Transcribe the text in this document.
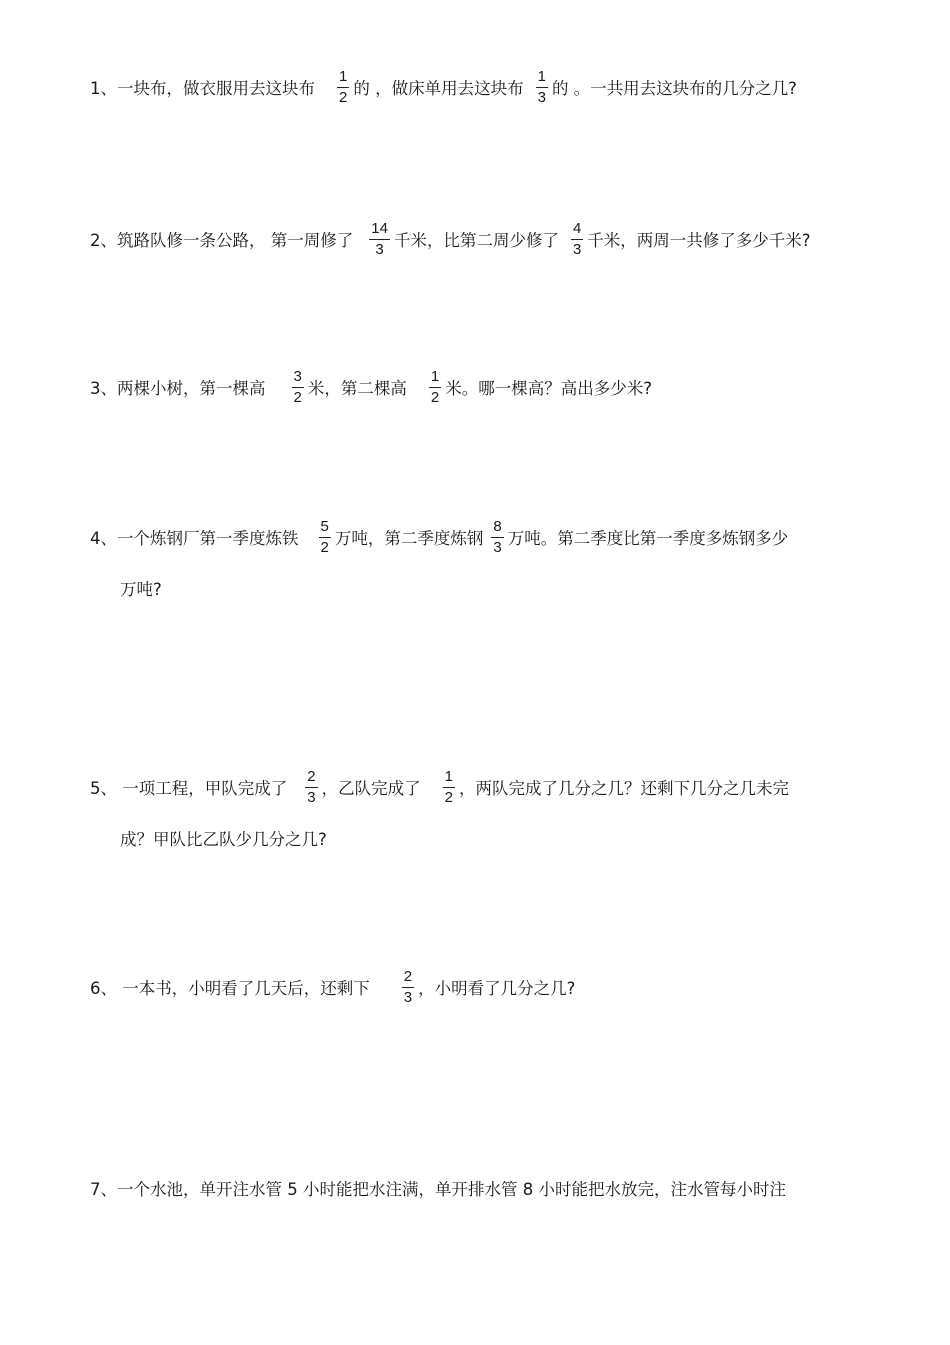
1、一块布，做衣服用去这块布 $\frac{1}{2}$ 的 ，做床单用去这块布 $\frac{1}{3}$ 的 。一共用去这块布的几分之几?
2、筑路队修一条公路， 第一周修了 $\frac{14}{3}$ 千米，比第二周少修了 $\frac{4}{3}$ 千米，两周一共修了多少千米?
3、两棵小树，第一棵高 $\frac{3}{2}$ 米，第二棵高 $\frac{1}{2}$ 米。哪一棵高？高出多少米?
4、一个炼钢厂第一季度炼铁 $\frac{5}{2}$ 万吨，第二季度炼钢 $\frac{8}{3}$ 万吨。第二季度比第一季度多炼钢多少
万吨?
5、 一项工程，甲队完成了 $\frac{2}{3}$ ，乙队完成了 $\frac{1}{2}$ ，两队完成了几分之几？还剩下几分之几未完
成？甲队比乙队少几分之几?
6、 一本书，小明看了几天后，还剩下 $\frac{2}{3}$ ，小明看了几分之几?
7、一个水池，单开注水管 5 小时能把水注满，单开排水管 8 小时能把水放完，注水管每小时注
